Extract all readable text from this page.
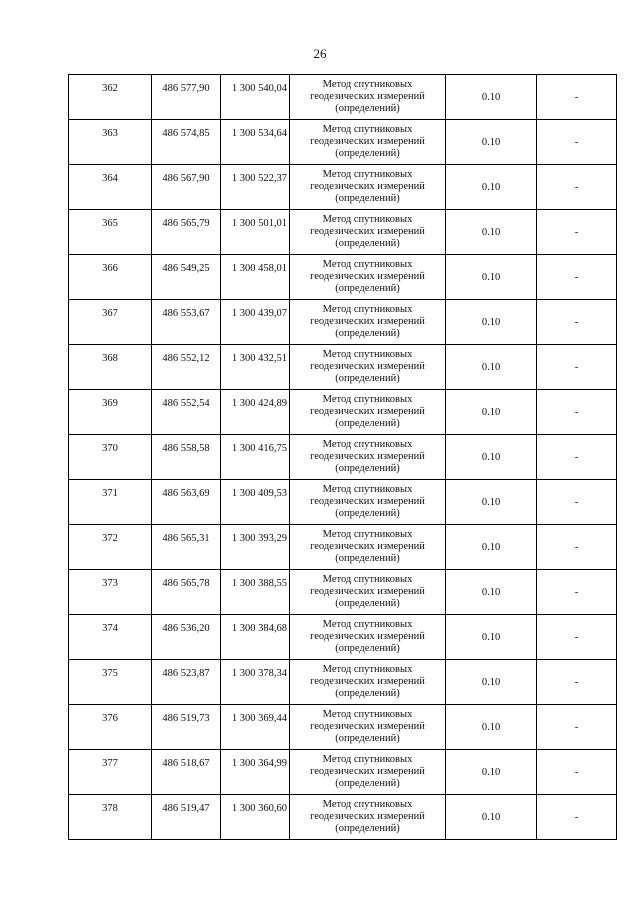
26
362	486 577,90	1 300 540,04	Метод спутниковых
геодезических измерений
(определений)	0.10	-
363	486 574,85	1 300 534,64	Метод спутниковых
геодезических измерений
(определений)	0.10	-
364	486 567,90	1 300 522,37	Метод спутниковых
геодезических измерений
(определений)	0.10	-
365	486 565,79	1 300 501,01	Метод спутниковых
геодезических измерений
(определений)	0.10	-
366	486 549,25	1 300 458,01	Метод спутниковых
геодезических измерений
(определений)	0.10	-
367	486 553,67	1 300 439,07	Метод спутниковых
геодезических измерений
(определений)	0.10	-
368	486 552,12	1 300 432,51	Метод спутниковых
геодезических измерений
(определений)	0.10	-
369	486 552,54	1 300 424,89	Метод спутниковых
геодезических измерений
(определений)	0.10	-
370	486 558,58	1 300 416,75	Метод спутниковых
геодезических измерений
(определений)	0.10	-
371	486 563,69	1 300 409,53	Метод спутниковых
геодезических измерений
(определений)	0.10	-
372	486 565,31	1 300 393,29	Метод спутниковых
геодезических измерений
(определений)	0.10	-
373	486 565,78	1 300 388,55	Метод спутниковых
геодезических измерений
(определений)	0.10	-
374	486 536,20	1 300 384,68	Метод спутниковых
геодезических измерений
(определений)	0.10	-
375	486 523,87	1 300 378,34	Метод спутниковых
геодезических измерений
(определений)	0.10	-
376	486 519,73	1 300 369,44	Метод спутниковых
геодезических измерений
(определений)	0.10	-
377	486 518,67	1 300 364,99	Метод спутниковых
геодезических измерений
(определений)	0.10	-
378	486 519,47	1 300 360,60	Метод спутниковых
геодезических измерений
(определений)	0.10	-
